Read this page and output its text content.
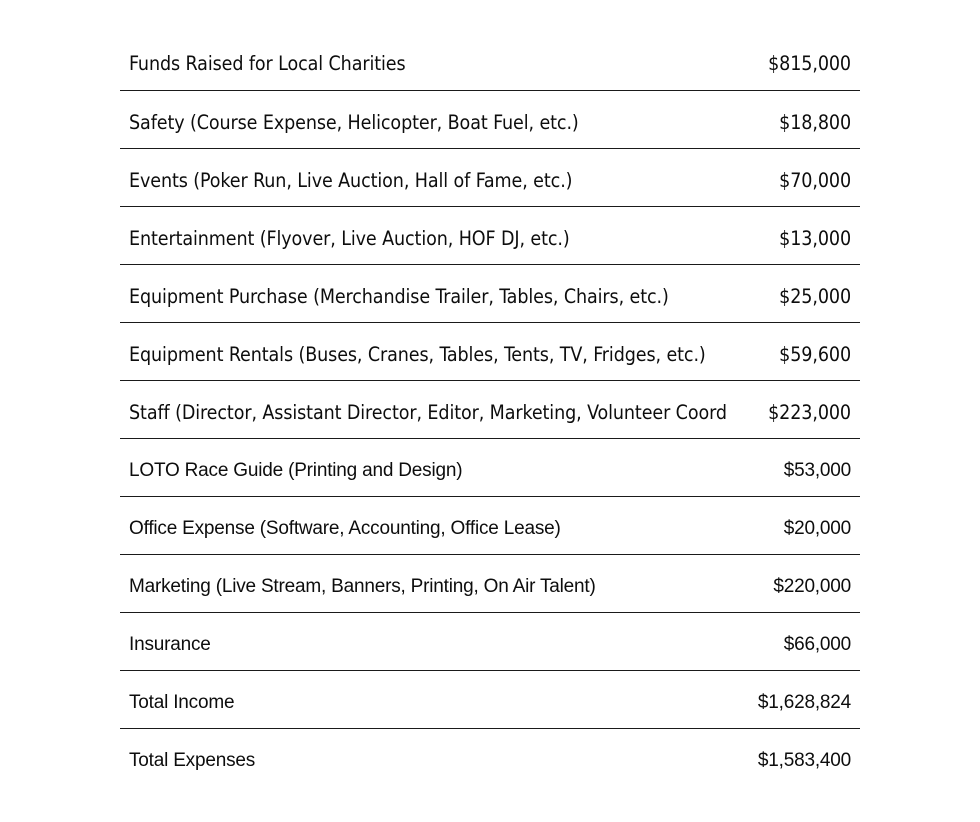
Funds Raised for Local Charities	$815,000
Safety (Course Expense, Helicopter, Boat Fuel, etc.)	$18,800
Events (Poker Run, Live Auction, Hall of Fame, etc.)	$70,000
Entertainment (Flyover, Live Auction, HOF DJ, etc.)	$13,000
Equipment Purchase (Merchandise Trailer, Tables, Chairs, etc.)	$25,000
Equipment Rentals (Buses, Cranes, Tables, Tents, TV, Fridges, etc.)	$59,600
Staff (Director, Assistant Director, Editor, Marketing, Volunteer Coord $223,000
LOTO Race Guide (Printing and Design)	$53,000
Office Expense (Software, Accounting, Office Lease)	$20,000
Marketing (Live Stream, Banners, Printing, On Air Talent)	$220,000
Insurance	$66,000
Total Income	$1,628,824
Total Expenses	$1,583,400
